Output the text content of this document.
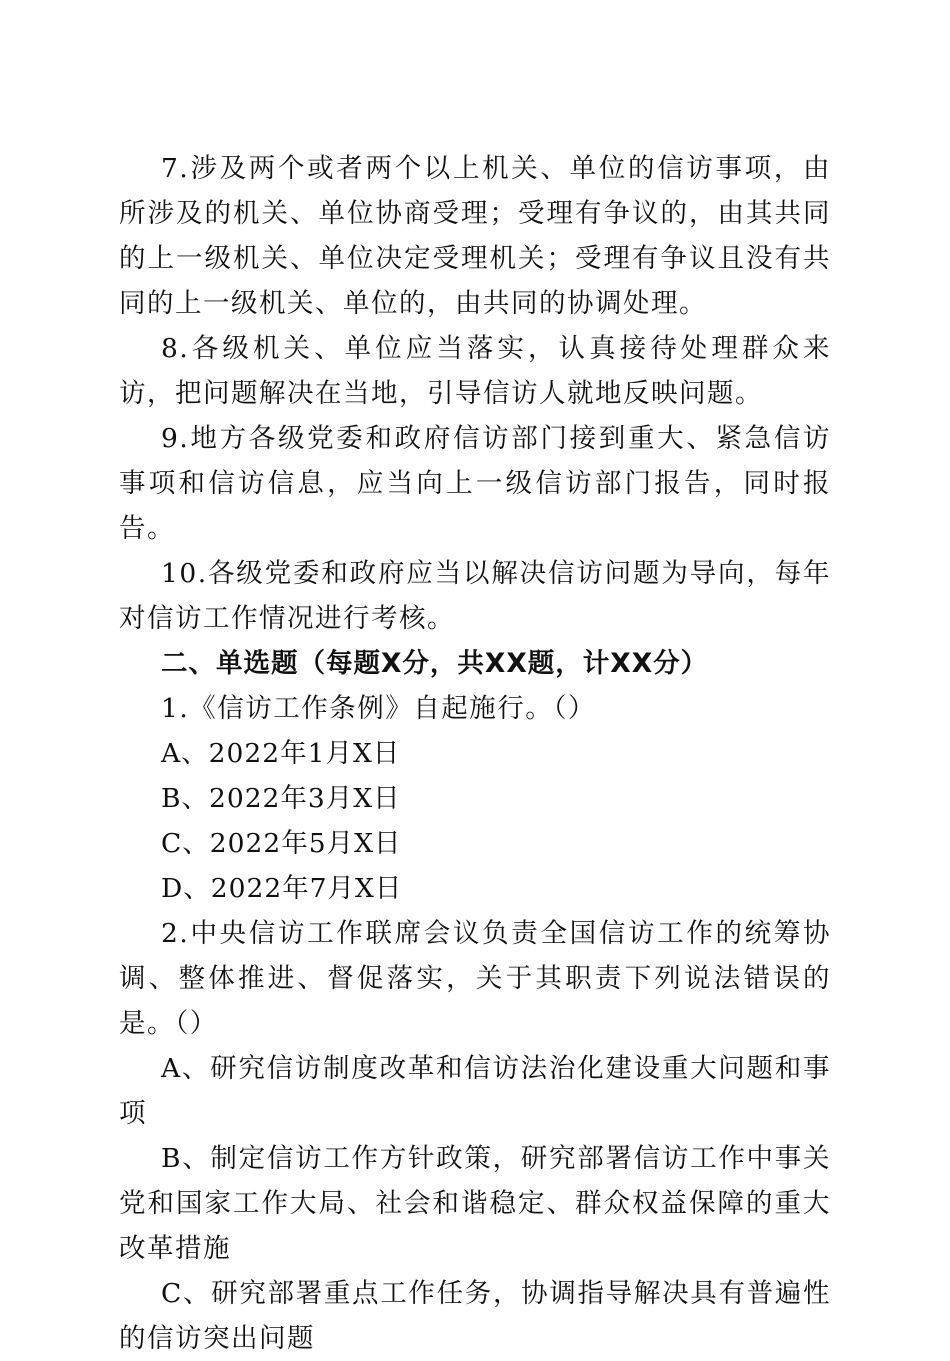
7.涉及两个或者两个以上机关、单位的信访事项，由所涉及的机关、单位协商受理；受理有争议的，由其共同的上一级机关、单位决定受理机关；受理有争议且没有共同的上一级机关、单位的，由共同的协调处理。

8.各级机关、单位应当落实，认真接待处理群众来访，把问题解决在当地，引导信访人就地反映问题。

9.地方各级党委和政府信访部门接到重大、紧急信访事项和信访信息，应当向上一级信访部门报告，同时报告。

10.各级党委和政府应当以解决信访问题为导向，每年对信访工作情况进行考核。

二、单选题（每题X分，共XX题，计XX分）

1.《信访工作条例》自起施行。（）

A、2022年1月X日

B、2022年3月X日

C、2022年5月X日

D、2022年7月X日

2.中央信访工作联席会议负责全国信访工作的统筹协调、整体推进、督促落实，关于其职责下列说法错误的是。（）

A、研究信访制度改革和信访法治化建设重大问题和事项

B、制定信访工作方针政策，研究部署信访工作中事关党和国家工作大局、社会和谐稳定、群众权益保障的重大改革措施

C、研究部署重点工作任务，协调指导解决具有普遍性的信访突出问题
